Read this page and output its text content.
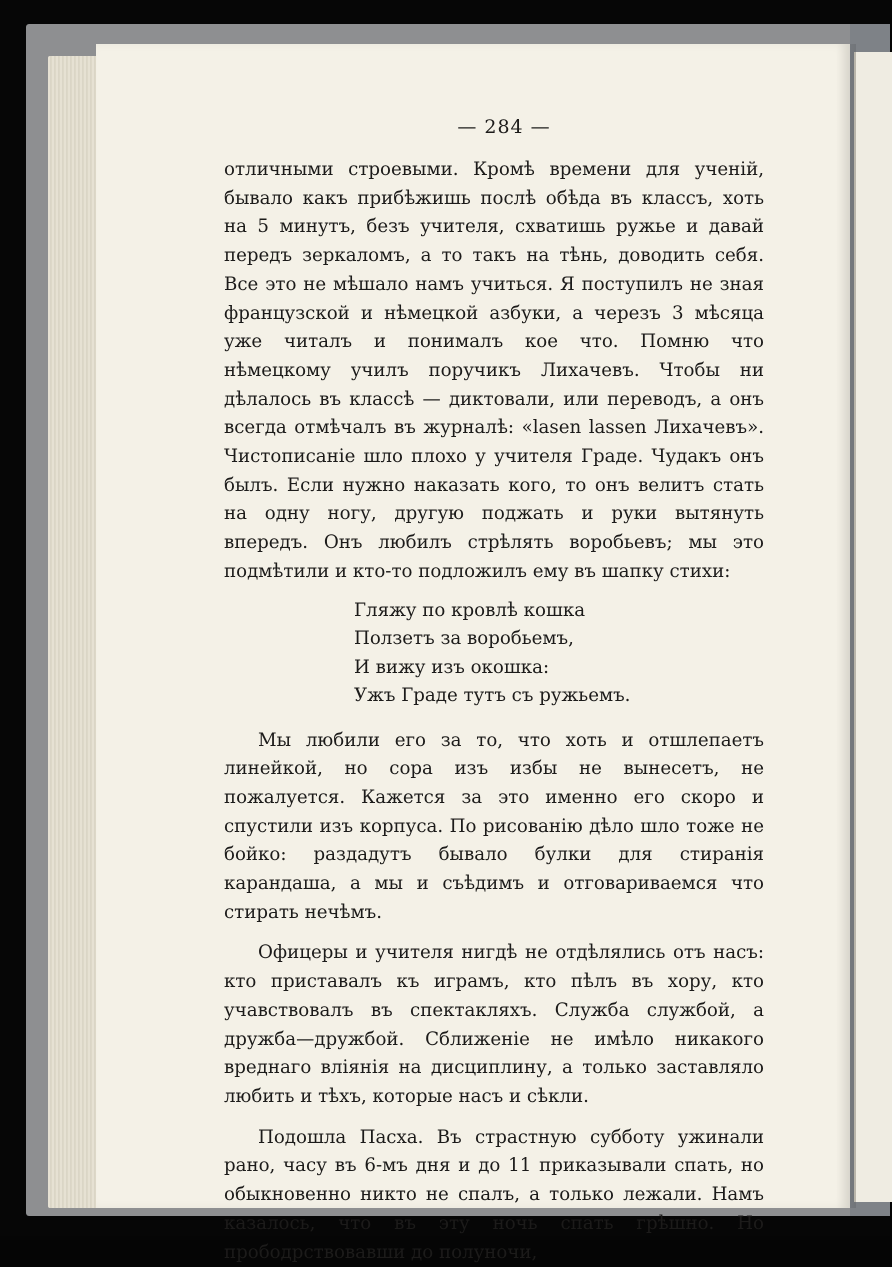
— 284 —

отличными строевыми. Кромѣ времени для ученій, бывало какъ прибѣжишь послѣ обѣда въ классъ, хоть на 5 минутъ, безъ учителя, схватишь ружье и давай передъ зеркаломъ, а то такъ на тѣнь, доводить себя. Все это не мѣшало намъ учиться. Я поступилъ не зная французской и нѣмецкой азбуки, а черезъ 3 мѣсяца уже читалъ и понималъ кое что. Помню что нѣмецкому училъ поручикъ Лихачевъ. Чтобы ни дѣлалось въ классѣ — диктовали, или переводъ, а онъ всегда отмѣчалъ въ журналѣ: «lasen lassen Лихачевъ». Чистописаніе шло плохо у учителя Граде. Чудакъ онъ былъ. Если нужно наказать кого, то онъ велитъ стать на одну ногу, другую поджать и руки вытянуть впередъ. Онъ любилъ стрѣлять воробьевъ; мы это подмѣтили и кто-то подложилъ ему въ шапку стихи:

Гляжу по кровлѣ кошка
Ползетъ за воробьемъ,
И вижу изъ окошка:
Ужъ Граде тутъ съ ружьемъ.

Мы любили его за то, что хоть и отшлепаетъ линейкой, но сора изъ избы не вынесетъ, не пожалуется. Кажется за это именно его скоро и спустили изъ корпуса. По рисованію дѣло шло тоже не бойко: раздадутъ бывало булки для стиранія карандаша, а мы и съѣдимъ и отговариваемся что стирать нечѣмъ.

Офицеры и учителя нигдѣ не отдѣлялись отъ насъ: кто приставалъ къ играмъ, кто пѣлъ въ хору, кто учавствовалъ въ спектакляхъ. Служба службой, а дружба—дружбой. Сближеніе не имѣло никакого вреднаго вліянія на дисциплину, а только заставляло любить и тѣхъ, которые насъ и сѣкли.

Подошла Пасха. Въ страстную субботу ужинали рано, часу въ 6-мъ дня и до 11 приказывали спать, но обыкновенно никто не спалъ, а только лежали. Намъ казалось, что въ эту ночь спать грѣшно. Но прободрствовавши до полуночи,
